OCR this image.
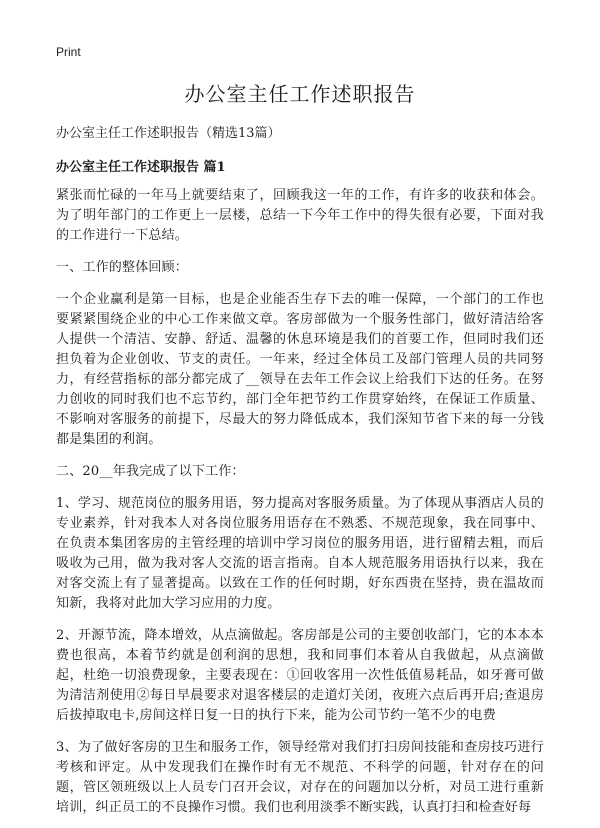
Print
办公室主任工作述职报告

办公室主任工作述职报告（精选13篇）

办公室主任工作述职报告 篇1

紧张而忙碌的一年马上就要结束了，回顾我这一年的工作，有许多的收获和体会。为了明年部门的工作更上一层楼，总结一下今年工作中的得失很有必要，下面对我的工作进行一下总结。

一、工作的整体回顾：

一个企业赢利是第一目标，也是企业能否生存下去的唯一保障，一个部门的工作也要紧紧围绕企业的中心工作来做文章。客房部做为一个服务性部门，做好清洁给客人提供一个清洁、安静、舒适、温馨的休息环境是我们的首要工作，但同时我们还担负着为企业创收、节支的责任。一年来，经过全体员工及部门管理人员的共同努力，有经营指标的部分都完成了__领导在去年工作会议上给我们下达的任务。在努力创收的同时我们也不忘节约，部门全年把节约工作贯穿始终，在保证工作质量、不影响对客服务的前提下，尽最大的努力降低成本，我们深知节省下来的每一分钱都是集团的利润。

二、20__年我完成了以下工作：

1、学习、规范岗位的服务用语，努力提高对客服务质量。为了体现从事酒店人员的专业素养，针对我本人对各岗位服务用语存在不熟悉、不规范现象，我在同事中、在负责本集团客房的主管经理的培训中学习岗位的服务用语，进行留精去粗，而后吸收为己用，做为我对客人交流的语言指南。自本人规范服务用语执行以来，我在对客交流上有了显著提高。以致在工作的任何时期，好东西贵在坚持，贵在温故而知新，我将对此加大学习应用的力度。

2、开源节流，降本增效，从点滴做起。客房部是公司的主要创收部门，它的本本本费也很高，本着节约就是创利润的思想，我和同事们本着从自我做起，从点滴做起，杜绝一切浪费现象，主要表现在：①回收客用一次性低值易耗品，如牙膏可做为清洁剂使用②每日早晨要求对退客楼层的走道灯关闭，夜班六点后再开启;查退房后拔掉取电卡,房间这样日复一日的执行下来，能为公司节约一笔不少的电费

3、为了做好客房的卫生和服务工作，领导经常对我们打扫房间技能和查房技巧进行考核和评定。从中发现我们在操作时有无不规范、不科学的问题，针对存在的问题，管区领班级以上人员专门召开会议，对存在的问题加以分析，对员工进行重新培训，纠正员工的不良操作习惯。我们也利用淡季不断实践，认真打扫和检查好每
